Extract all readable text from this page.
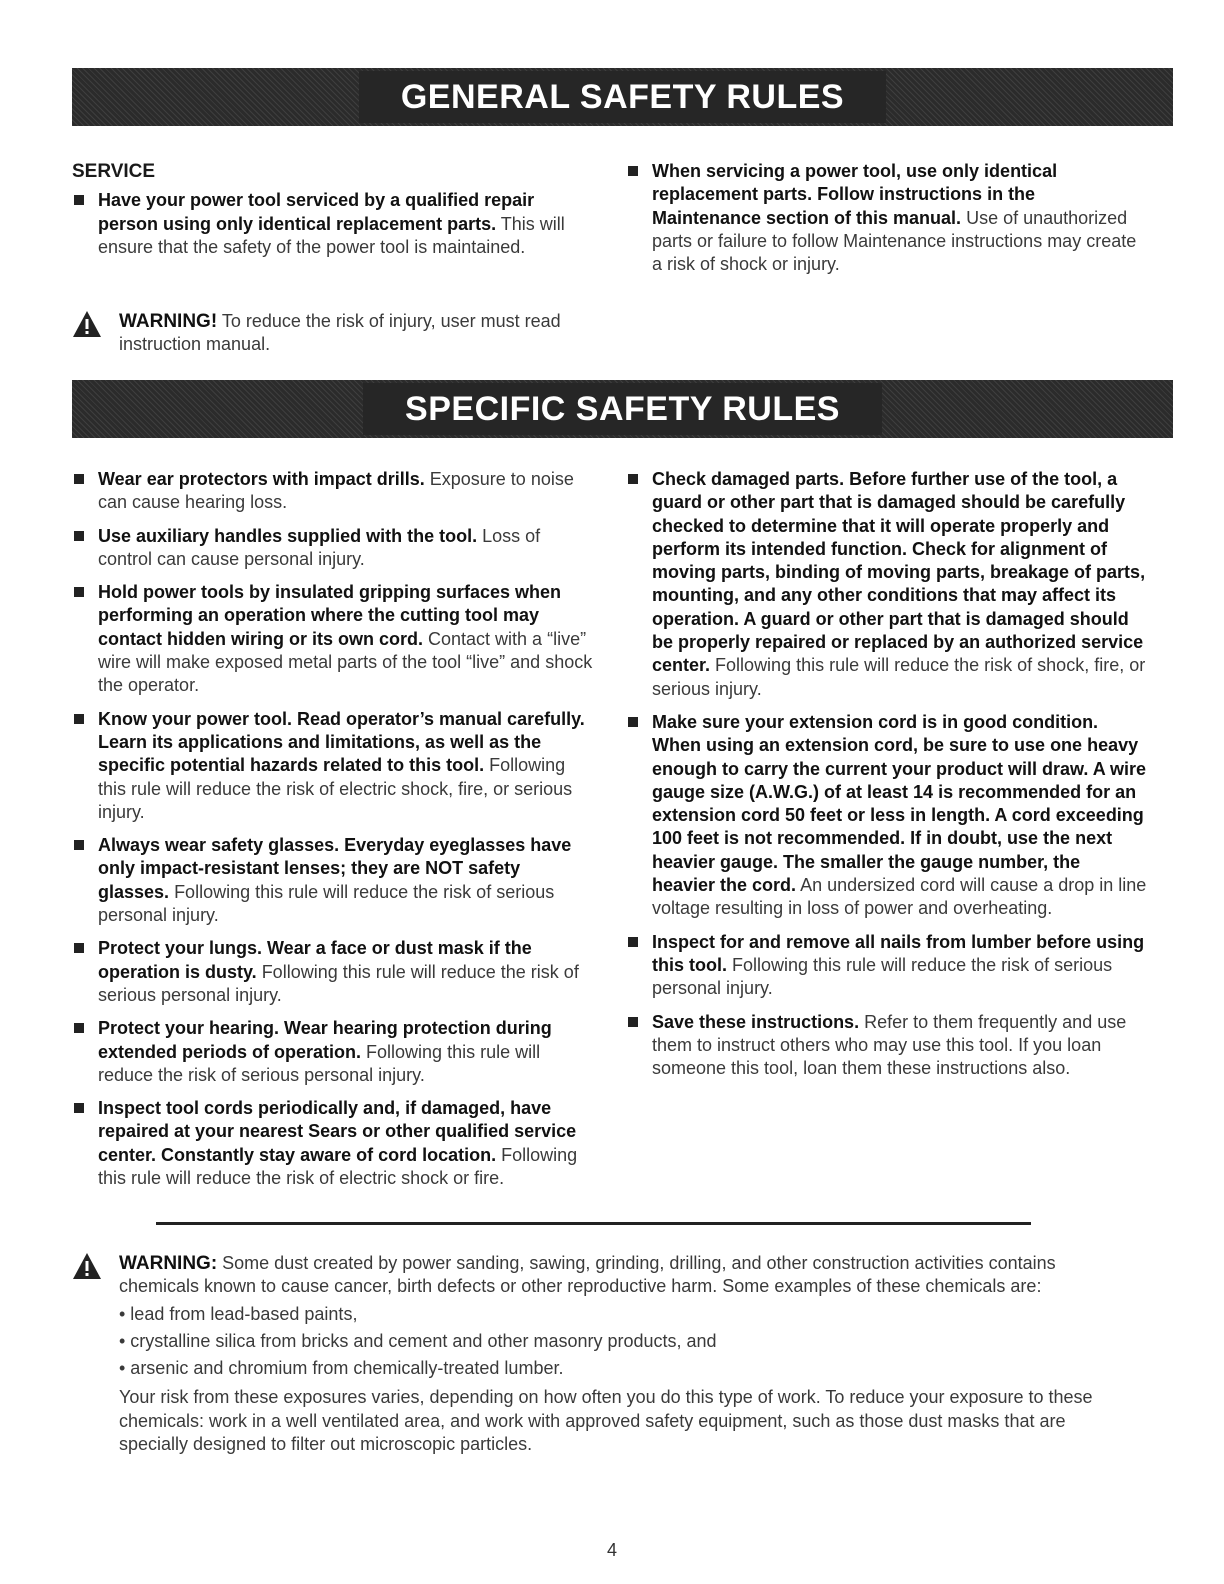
GENERAL SAFETY RULES
SERVICE
Have your power tool serviced by a qualified repair person using only identical replacement parts. This will ensure that the safety of the power tool is maintained.
When servicing a power tool, use only identical replacement parts. Follow instructions in the Maintenance section of this manual. Use of unauthorized parts or failure to follow Maintenance instructions may create a risk of shock or injury.
WARNING! To reduce the risk of injury, user must read instruction manual.
SPECIFIC SAFETY RULES
Wear ear protectors with impact drills. Exposure to noise can cause hearing loss.
Use auxiliary handles supplied with the tool. Loss of control can cause personal injury.
Hold power tools by insulated gripping surfaces when performing an operation where the cutting tool may contact hidden wiring or its own cord. Contact with a “live” wire will make exposed metal parts of the tool “live” and shock the operator.
Know your power tool. Read operator’s manual carefully. Learn its applications and limitations, as well as the specific potential hazards related to this tool. Following this rule will reduce the risk of electric shock, fire, or serious injury.
Always wear safety glasses. Everyday eyeglasses have only impact-resistant lenses; they are NOT safety glasses. Following this rule will reduce the risk of serious personal injury.
Protect your lungs. Wear a face or dust mask if the operation is dusty. Following this rule will reduce the risk of serious personal injury.
Protect your hearing. Wear hearing protection during extended periods of operation. Following this rule will reduce the risk of serious personal injury.
Inspect tool cords periodically and, if damaged, have repaired at your nearest Sears or other qualified service center. Constantly stay aware of cord location. Following this rule will reduce the risk of electric shock or fire.
Check damaged parts. Before further use of the tool, a guard or other part that is damaged should be carefully checked to determine that it will operate properly and perform its intended function. Check for alignment of moving parts, binding of moving parts, breakage of parts, mounting, and any other conditions that may affect its operation. A guard or other part that is damaged should be properly repaired or replaced by an authorized service center. Following this rule will reduce the risk of shock, fire, or serious injury.
Make sure your extension cord is in good condition. When using an extension cord, be sure to use one heavy enough to carry the current your product will draw. A wire gauge size (A.W.G.) of at least 14 is recommended for an extension cord 50 feet or less in length. A cord exceeding 100 feet is not recommended. If in doubt, use the next heavier gauge. The smaller the gauge number, the heavier the cord. An undersized cord will cause a drop in line voltage resulting in loss of power and overheating.
Inspect for and remove all nails from lumber before using this tool. Following this rule will reduce the risk of serious personal injury.
Save these instructions. Refer to them frequently and use them to instruct others who may use this tool. If you loan someone this tool, loan them these instructions also.
WARNING: Some dust created by power sanding, sawing, grinding, drilling, and other construction activities contains chemicals known to cause cancer, birth defects or other reproductive harm. Some examples of these chemicals are:
• lead from lead-based paints,
• crystalline silica from bricks and cement and other masonry products, and
• arsenic and chromium from chemically-treated lumber.
Your risk from these exposures varies, depending on how often you do this type of work. To reduce your exposure to these chemicals: work in a well ventilated area, and work with approved safety equipment, such as those dust masks that are specially designed to filter out microscopic particles.
4
